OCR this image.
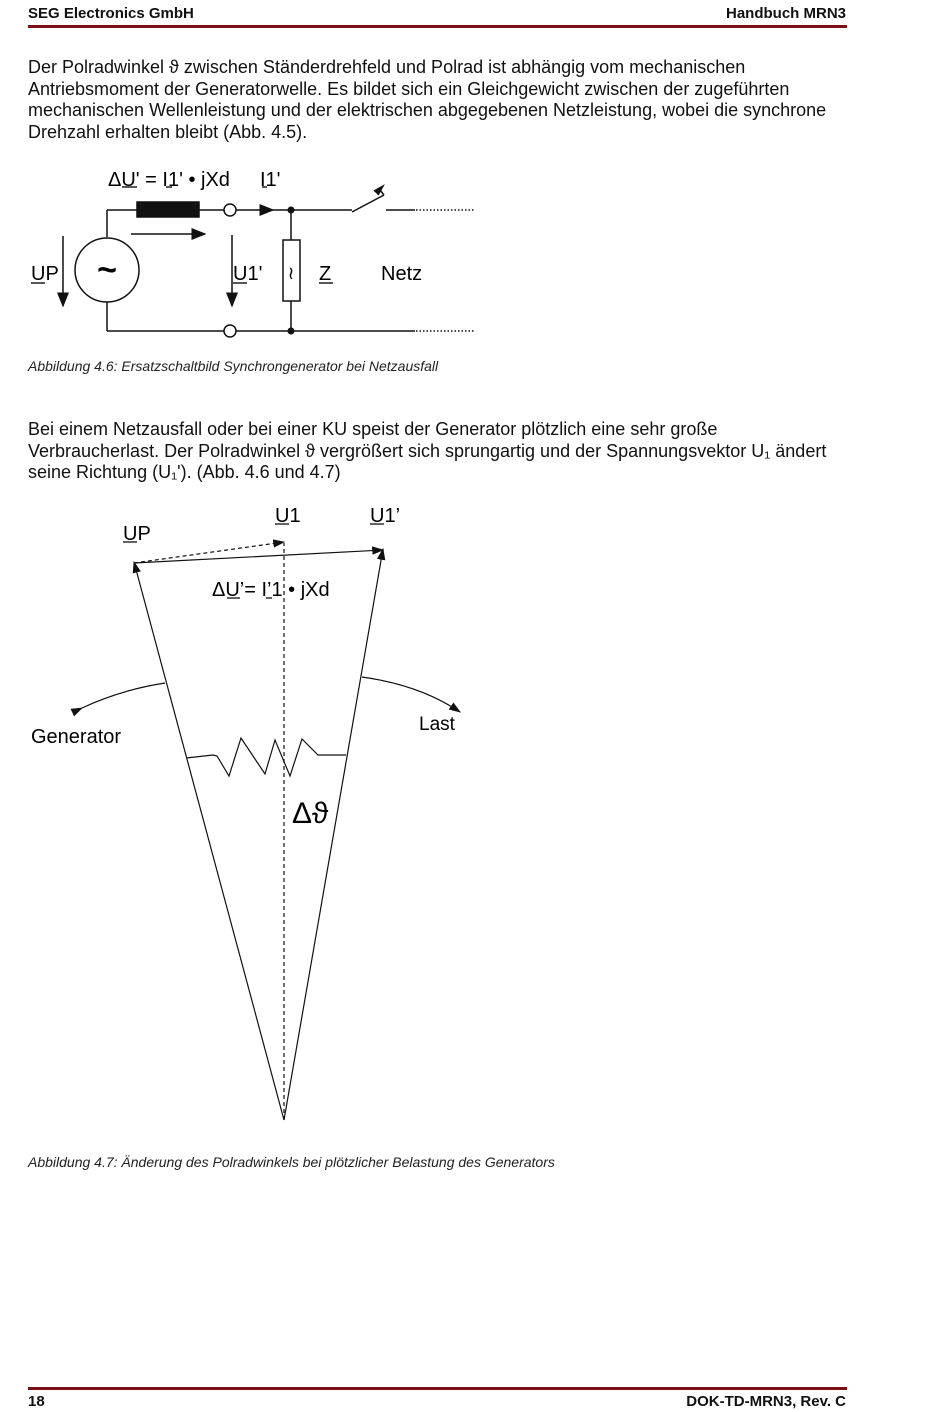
SEG Electronics GmbH	Handbuch MRN3

Der Polradwinkel ϑ zwischen Ständerdrehfeld und Polrad ist abhängig vom mechanischen Antriebsmoment der Generatorwelle. Es bildet sich ein Gleichgewicht zwischen der zugeführten mechanischen Wellenleistung und der elektrischen abgegebenen Netzleistung, wobei die synchrone Drehzahl erhalten bleibt (Abb. 4.5).

ΔU' = I1' • jXd I1'
UP ~	U1' ≀ Z Netz
Abbildung 4.6: Ersatzschaltbild Synchrongenerator bei Netzausfall

Bei einem Netzausfall oder bei einer KU speist der Generator plötzlich eine sehr große Verbraucherlast. Der Polradwinkel ϑ vergrößert sich sprungartig und der Spannungsvektor U₁ ändert seine Richtung (U₁'). (Abb. 4.6 und 4.7)

UP
U1	U1’
ΔU’= I’1 • jXd
Generator
Last
Δϑ
Abbildung 4.7: Änderung des Polradwinkels bei plötzlicher Belastung des Generators
18	DOK-TD-MRN3, Rev. C
